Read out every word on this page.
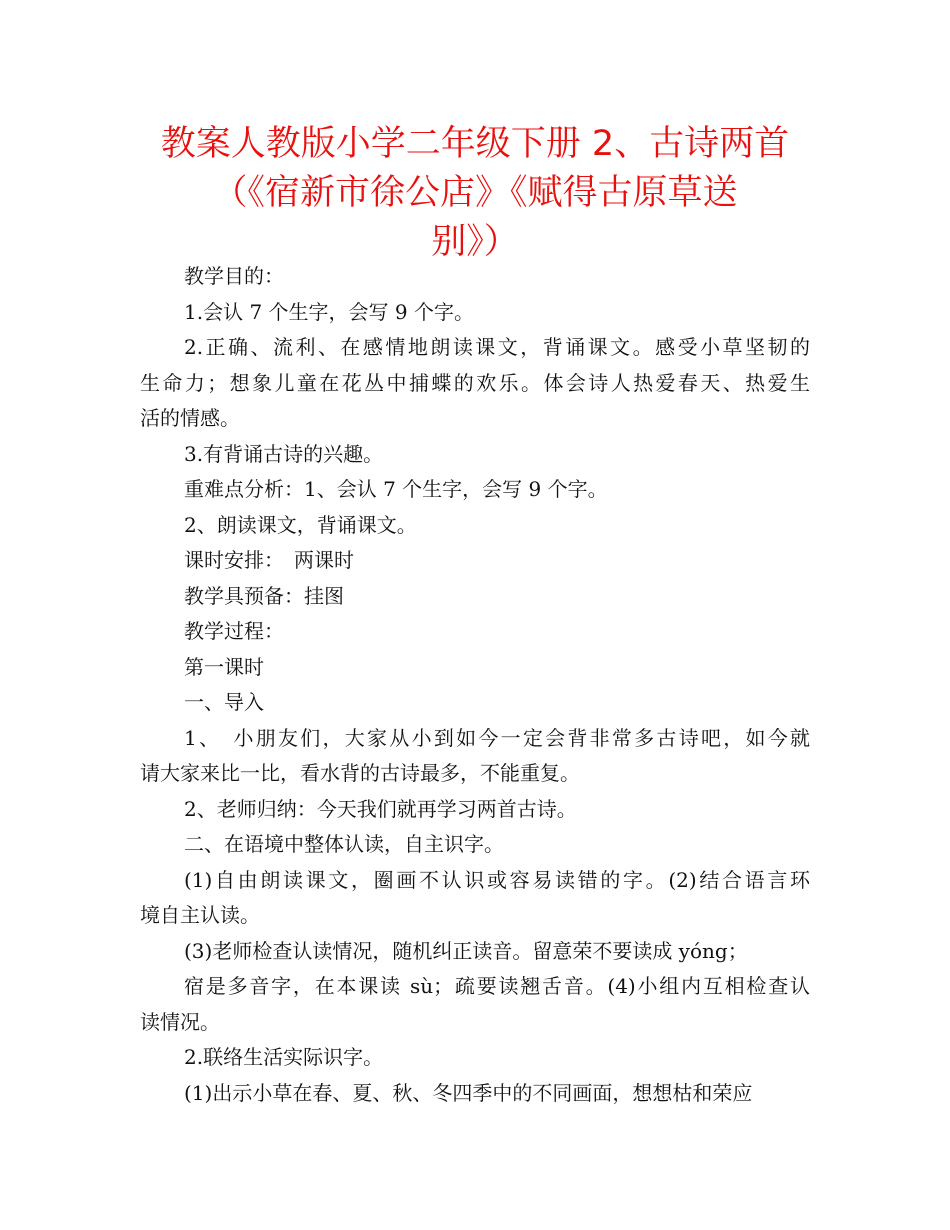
教案人教版小学二年级下册 2、古诗两首
（《宿新市徐公店》《赋得古原草送
别》）
教学目的：
1.会认 7 个生字，会写 9 个字。
2.正确、流利、在感情地朗读课文，背诵课文。感受小草坚韧的
生命力；想象儿童在花丛中捕蝶的欢乐。体会诗人热爱春天、热爱生
活的情感。
3.有背诵古诗的兴趣。
重难点分析：1、会认 7 个生字，会写 9 个字。
2、朗读课文，背诵课文。
课时安排：　两课时
教学具预备：挂图
教学过程：
第一课时
一、导入
1、　小朋友们，大家从小到如今一定会背非常多古诗吧，如今就
请大家来比一比，看水背的古诗最多，不能重复。
2、老师归纳：今天我们就再学习两首古诗。
二、在语境中整体认读，自主识字。
(1)自由朗读课文，圈画不认识或容易读错的字。(2)结合语言环
境自主认读。
(3)老师检查认读情况，随机纠正读音。留意荣不要读成 yóng；
宿是多音字，在本课读 sù；疏要读翘舌音。(4)小组内互相检查认
读情况。
2.联络生活实际识字。
(1)出示小草在春、夏、秋、冬四季中的不同画面，想想枯和荣应
